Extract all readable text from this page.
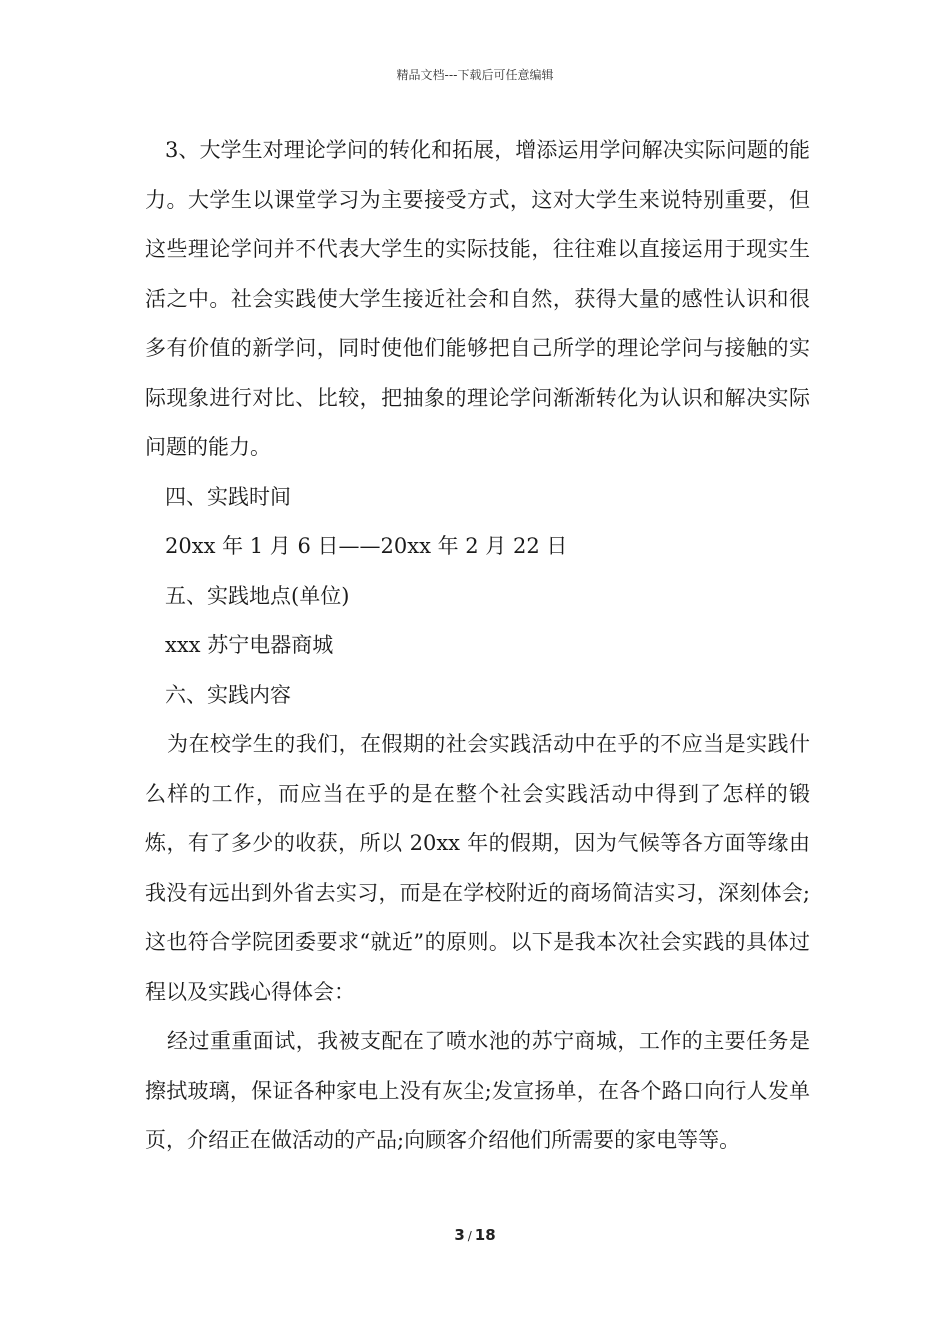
精品文档---下载后可任意编辑

3、大学生对理论学问的转化和拓展，增添运用学问解决实际问题的能力。大学生以课堂学习为主要接受方式，这对大学生来说特别重要，但这些理论学问并不代表大学生的实际技能，往往难以直接运用于现实生活之中。社会实践使大学生接近社会和自然，获得大量的感性认识和很多有价值的新学问，同时使他们能够把自己所学的理论学问与接触的实际现象进行对比、比较，把抽象的理论学问渐渐转化为认识和解决实际问题的能力。

四、实践时间

20xx 年 1 月 6 日——20xx 年 2 月 22 日

五、实践地点(单位)

xxx 苏宁电器商城

六、实践内容

为在校学生的我们，在假期的社会实践活动中在乎的不应当是实践什么样的工作，而应当在乎的是在整个社会实践活动中得到了怎样的锻炼，有了多少的收获，所以 20xx 年的假期，因为气候等各方面等缘由我没有远出到外省去实习，而是在学校附近的商场简洁实习，深刻体会;这也符合学院团委要求“就近”的原则。以下是我本次社会实践的具体过程以及实践心得体会：

经过重重面试，我被支配在了喷水池的苏宁商城，工作的主要任务是擦拭玻璃，保证各种家电上没有灰尘;发宣扬单，在各个路口向行人发单页，介绍正在做活动的产品;向顾客介绍他们所需要的家电等等。

3 / 18
